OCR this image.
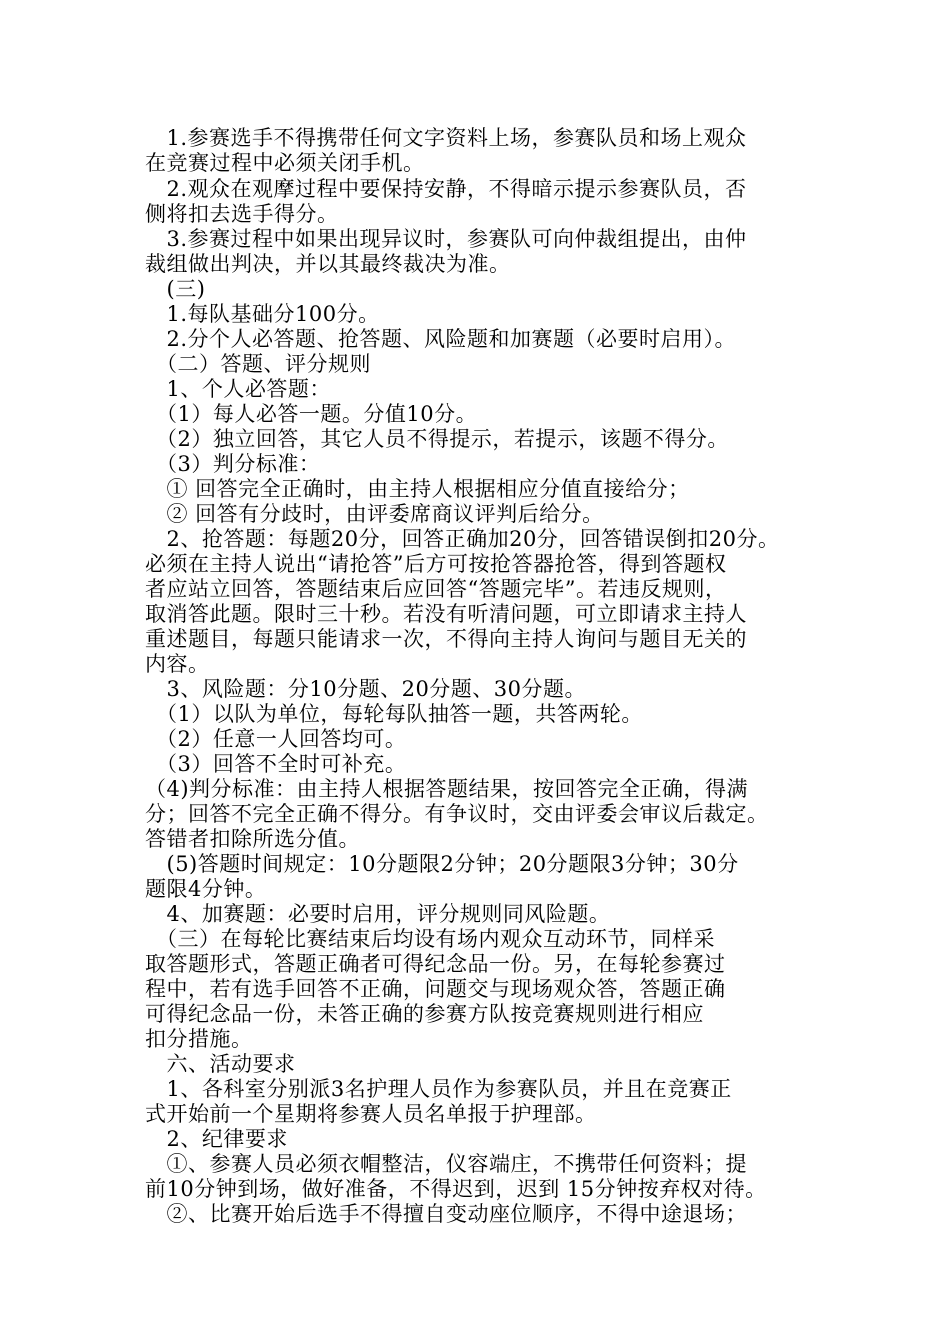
　1.参赛选手不得携带任何文字资料上场，参赛队员和场上观众
在竞赛过程中必须关闭手机。
　2.观众在观摩过程中要保持安静，不得暗示提示参赛队员，否
侧将扣去选手得分。
　3.参赛过程中如果出现异议时，参赛队可向仲裁组提出，由仲
裁组做出判决，并以其最终裁决为准。
　(三)
　1.每队基础分100分。
　2.分个人必答题、抢答题、风险题和加赛题（必要时启用）。
　（二）答题、评分规则
　1、个人必答题：
　（1）每人必答一题。分值10分。
　（2）独立回答，其它人员不得提示，若提示，该题不得分。
　（3）判分标准：
　① 回答完全正确时，由主持人根据相应分值直接给分；
　② 回答有分歧时，由评委席商议评判后给分。
　2、抢答题：每题20分，回答正确加20分，回答错误倒扣20分。
必须在主持人说出“请抢答”后方可按抢答器抢答，得到答题权
者应站立回答，答题结束后应回答“答题完毕”。若违反规则，
取消答此题。限时三十秒。若没有听清问题，可立即请求主持人
重述题目，每题只能请求一次，不得向主持人询问与题目无关的
内容。
　3、风险题：分10分题、20分题、30分题。
　（1）以队为单位，每轮每队抽答一题，共答两轮。
　（2）任意一人回答均可。
　（3）回答不全时可补充。
（4)判分标准：由主持人根据答题结果，按回答完全正确，得满
分；回答不完全正确不得分。有争议时，交由评委会审议后裁定。
答错者扣除所选分值。
　(5)答题时间规定：10分题限2分钟；20分题限3分钟；30分
题限4分钟。
　4、加赛题：必要时启用，评分规则同风险题。
　（三）在每轮比赛结束后均设有场内观众互动环节，同样采
取答题形式，答题正确者可得纪念品一份。另，在每轮参赛过
程中，若有选手回答不正确，问题交与现场观众答，答题正确
可得纪念品一份，未答正确的参赛方队按竞赛规则进行相应
扣分措施。
　六、活动要求
　1、各科室分别派3名护理人员作为参赛队员，并且在竞赛正
式开始前一个星期将参赛人员名单报于护理部。
　2、纪律要求
　①、参赛人员必须衣帽整洁，仪容端庄，不携带任何资料；提
前10分钟到场，做好准备，不得迟到，迟到 15分钟按弃权对待。
　②、比赛开始后选手不得擅自变动座位顺序，不得中途退场；
